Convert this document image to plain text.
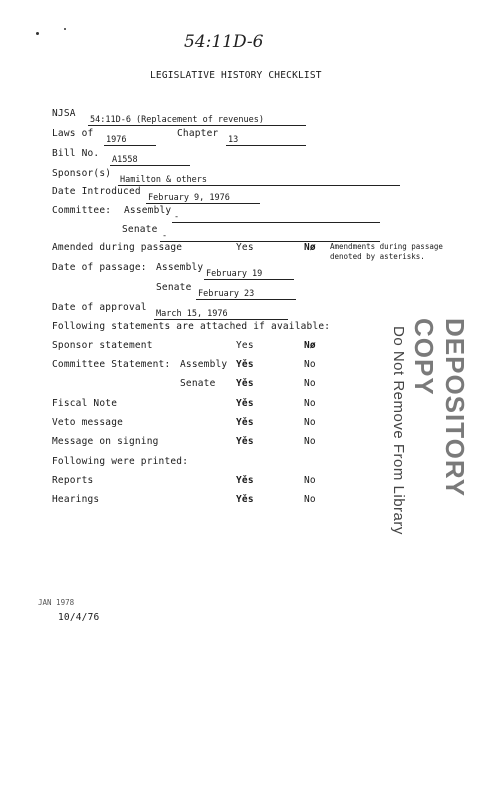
54:11D-6
LEGISLATIVE HISTORY CHECKLIST
NJSA
54:11D-6 (Replacement of revenues)
Laws of
1976
Chapter
13
Bill No.
A1558
Sponsor(s)
Hamilton & others
Date Introduced
February 9, 1976
Committee: Assembly
-
Senate
-
Amended during passage	Yes	Nø Amendments during passage
denoted by asterisks.
Date of passage: Assembly
February 19
Senate
February 23
Date of approval
March 15, 1976
Following statements are attached if available:
Sponsor statement	Yes	Nø
Committee Statement: Assembly Yěs	No
Senate Yěs	No
Fiscal Note	Yěs	No
Veto message	Yěs	No
Message on signing	Yěs	No
Following were printed:
Reports	Yěs	No
Hearings	Yěs	No
DEPOSITORY COPY
Do Not Remove From Library
JAN 1978
10/4/76
